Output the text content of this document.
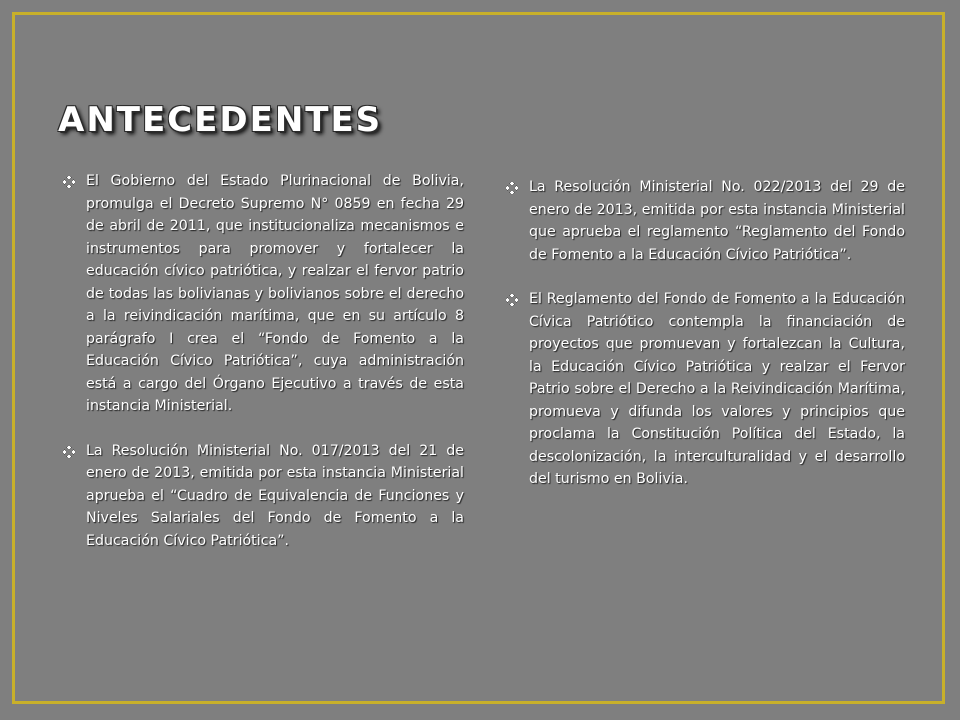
ANTECEDENTES
El Gobierno del Estado Plurinacional de Bolivia, promulga el Decreto Supremo N° 0859 en fecha 29 de abril de 2011, que institucionaliza mecanismos e instrumentos para promover y fortalecer la educación cívico patriótica, y realzar el fervor patrio de todas las bolivianas y bolivianos sobre el derecho a la reivindicación marítima, que en su artículo 8 parágrafo I crea el “Fondo de Fomento a la Educación Cívico Patriótica”, cuya administración está a cargo del Órgano Ejecutivo a través de esta instancia Ministerial.
La Resolución Ministerial No. 017/2013 del 21 de enero de 2013, emitida por esta instancia Ministerial aprueba el “Cuadro de Equivalencia de Funciones y Niveles Salariales del Fondo de Fomento a la Educación Cívico Patriótica”.
La Resolución Ministerial No. 022/2013 del 29 de enero de 2013, emitida por esta instancia Ministerial que aprueba el reglamento “Reglamento del Fondo de Fomento a la Educación Cívico Patriótica”.
El Reglamento del Fondo de Fomento a la Educación Cívica Patriótico contempla la financiación de proyectos que promuevan y fortalezcan la Cultura, la Educación Cívico Patriótica y realzar el Fervor Patrio sobre el Derecho a la Reivindicación Marítima, promueva y difunda los valores y principios que proclama la Constitución Política del Estado, la descolonización, la interculturalidad y el desarrollo del turismo en Bolivia.
